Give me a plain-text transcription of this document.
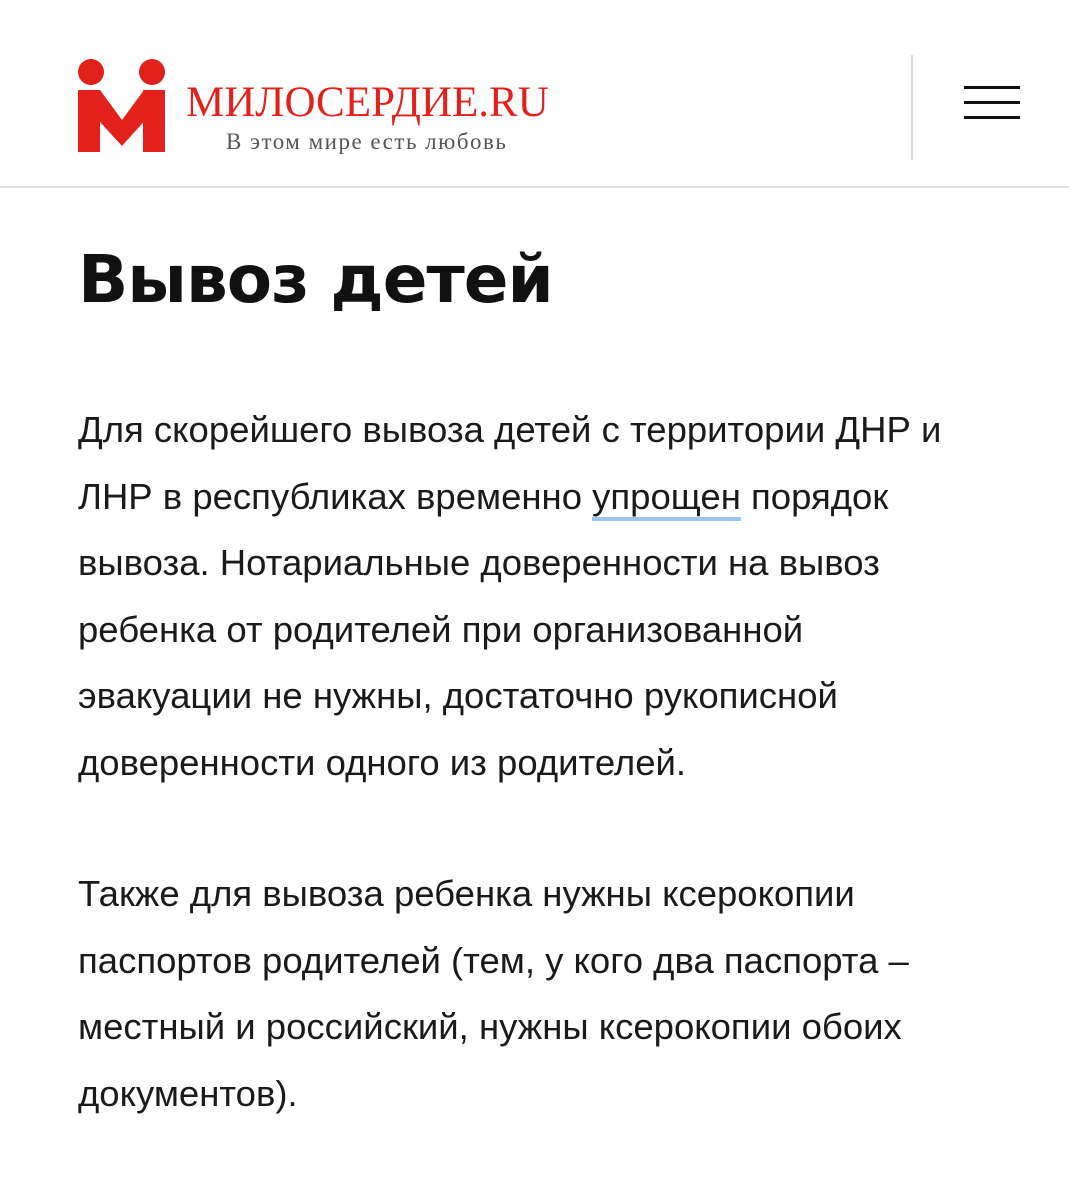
МИЛОСЕРДИЕ.RU
В этом мире есть любовь
Вывоз детей

Для скорейшего вывоза детей с территории ДНР и
ЛНР в республиках временно упрощен порядок
вывоза. Нотариальные доверенности на вывоз
ребенка от родителей при организованной
эвакуации не нужны, достаточно рукописной
доверенности одного из родителей.

Также для вывоза ребенка нужны ксерокопии
паспортов родителей (тем, у кого два паспорта –
местный и российский, нужны ксерокопии обоих
документов).
